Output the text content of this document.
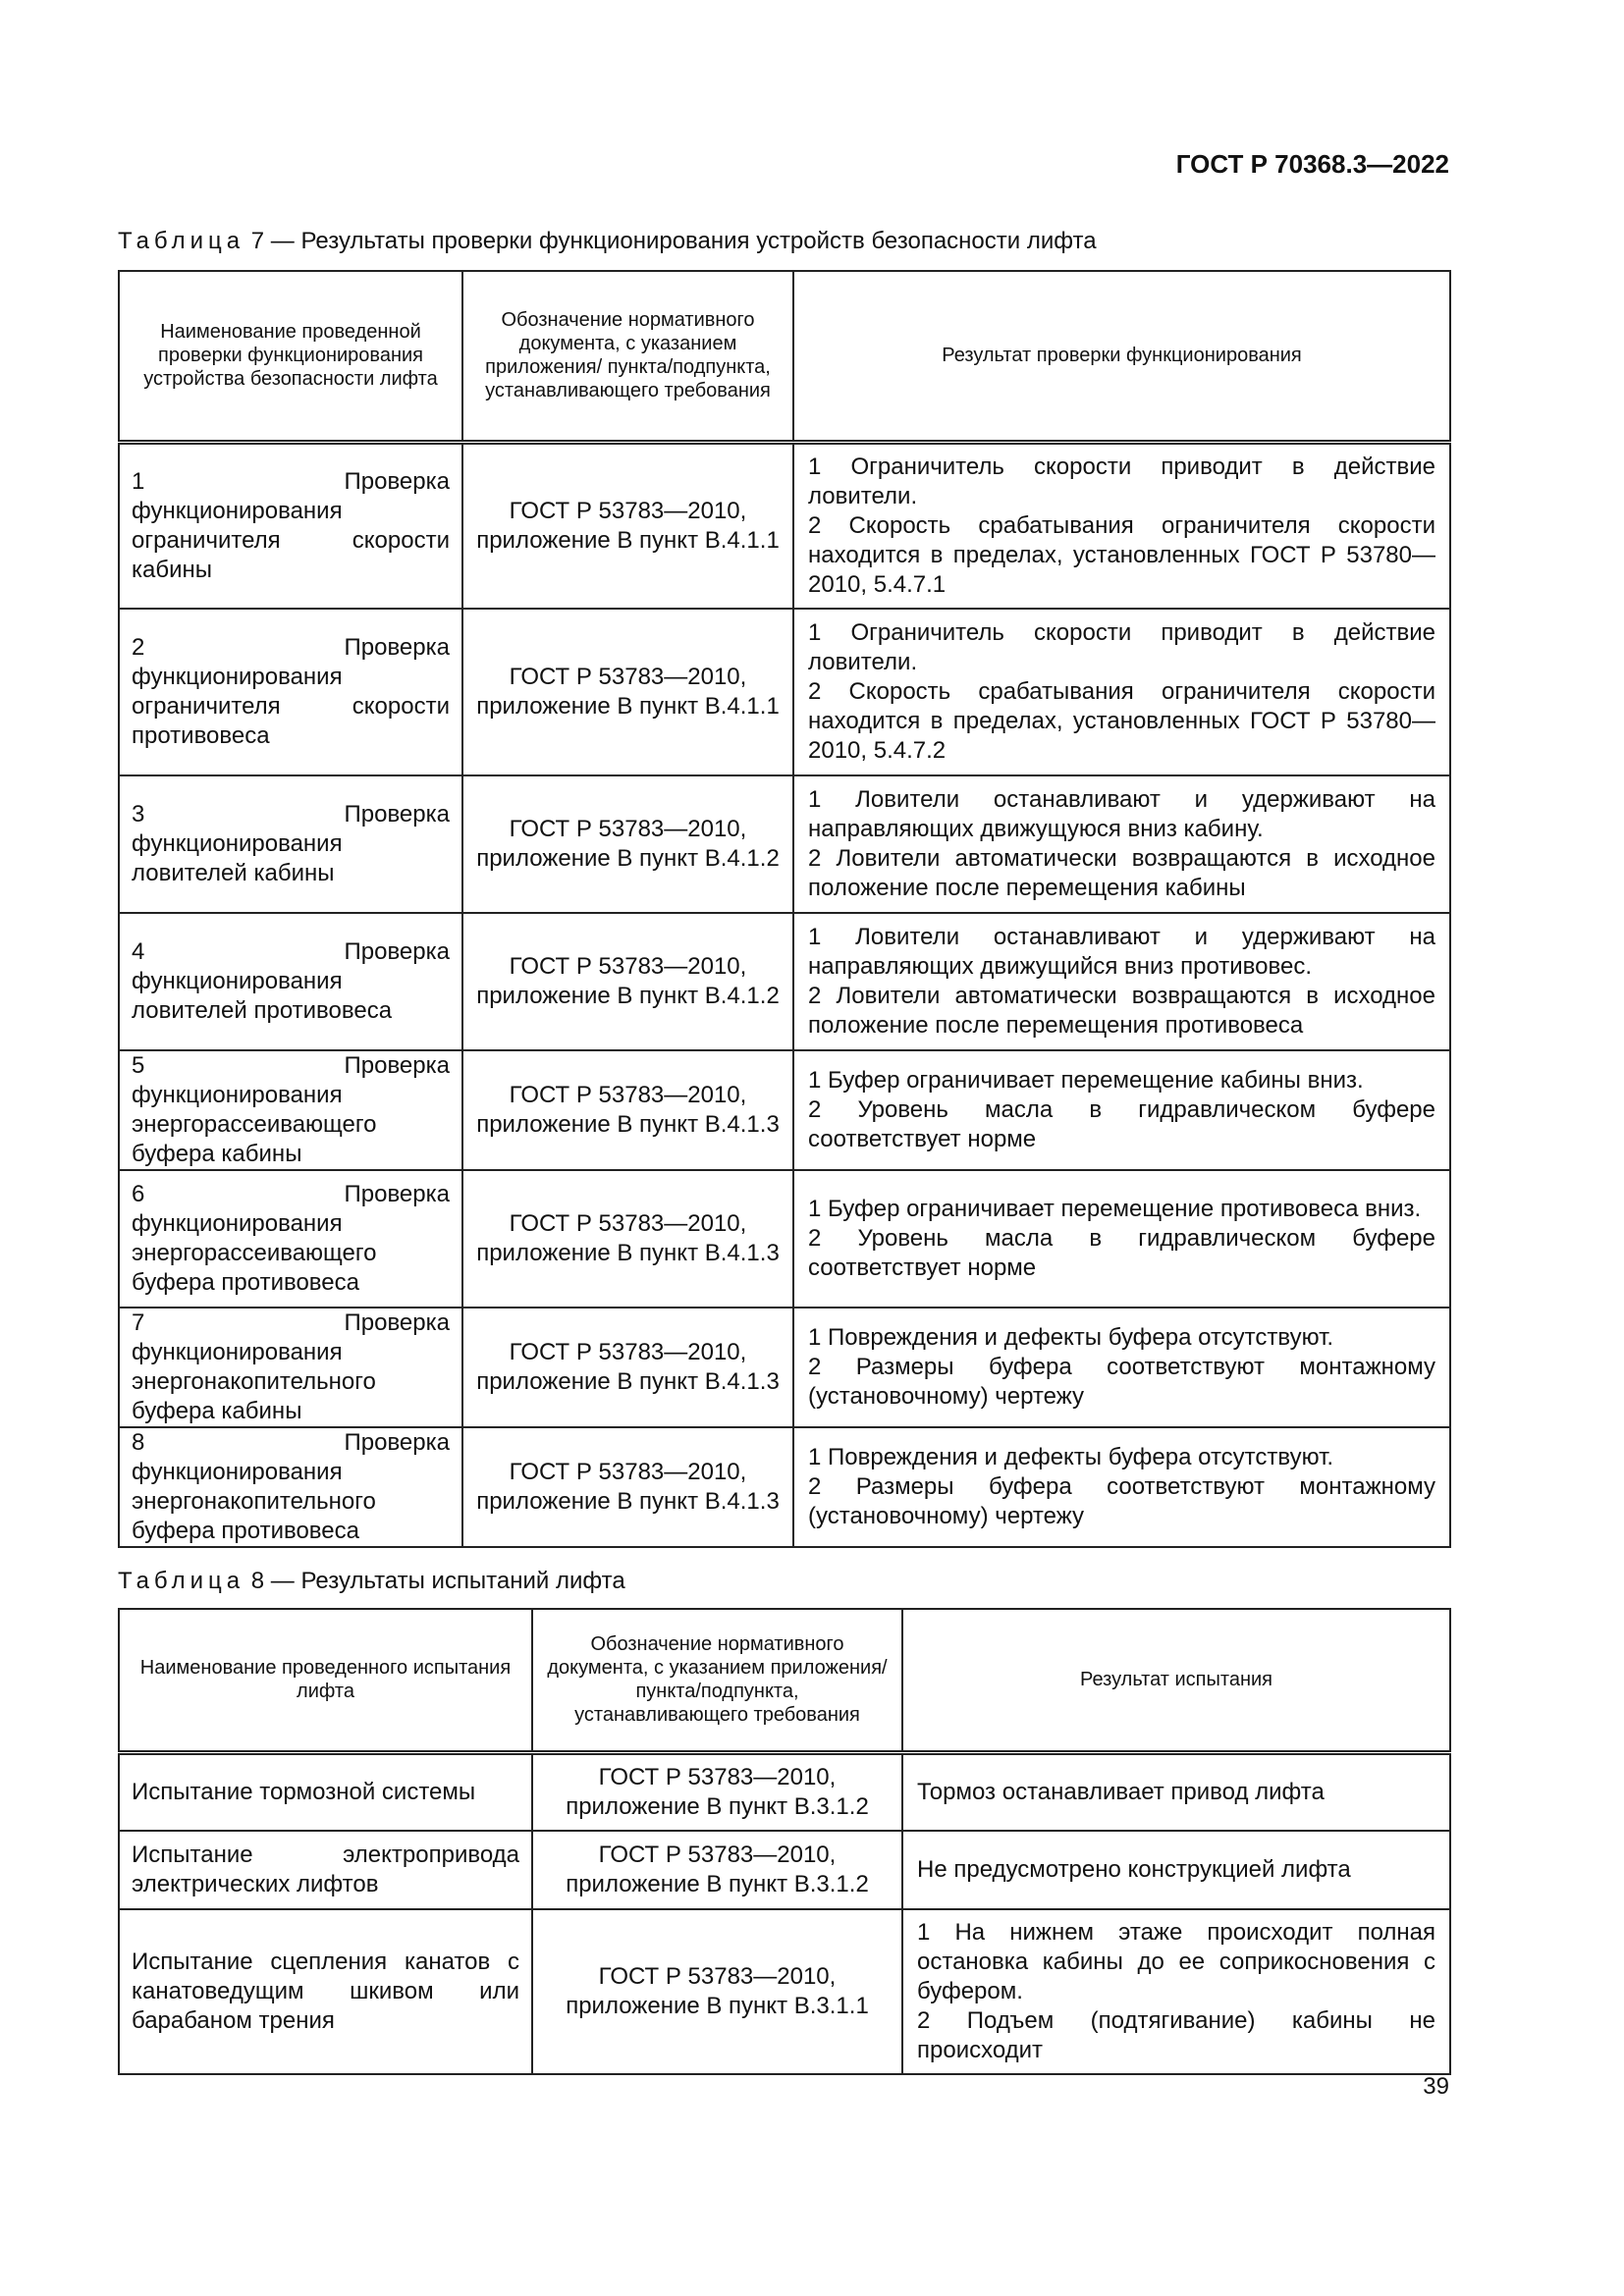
ГОСТ Р 70368.3—2022
Таблица 7 — Результаты проверки функционирования устройств безопасности лифта
Наименование проведенной проверки функционирования устройства безопасности лифта	Обозначение нормативного документа, с указанием приложения/ пункта/подпункта, устанавливающего требования	Результат проверки функционирования
1 Проверка функционирования ограничителя скорости кабины	ГОСТ Р 53783—2010, приложение В пункт В.4.1.1	1 Ограничитель скорости приводит в действие ловители.
2 Скорость срабатывания ограничителя скорости находится в пределах, установленных ГОСТ Р 53780—2010, 5.4.7.1

2 Проверка функционирования ограничителя скорости противовеса	ГОСТ Р 53783—2010, приложение В пункт В.4.1.1	1 Ограничитель скорости приводит в действие ловители.
2 Скорость срабатывания ограничителя скорости находится в пределах, установленных ГОСТ Р 53780—2010, 5.4.7.2

3 Проверка функционирования ловителей кабины	ГОСТ Р 53783—2010, приложение В пункт В.4.1.2	1 Ловители останавливают и удерживают на направляющих движущуюся вниз кабину.
2 Ловители автоматически возвращаются в исходное положение после перемещения кабины

4 Проверка функционирования ловителей противовеса	ГОСТ Р 53783—2010, приложение В пункт В.4.1.2	1 Ловители останавливают и удерживают на направляющих движущийся вниз противовес.
2 Ловители автоматически возвращаются в исходное положение после перемещения противовеса

5 Проверка функционирования энергорассеивающего буфера кабины	ГОСТ Р 53783—2010, приложение В пункт В.4.1.3	1 Буфер ограничивает перемещение кабины вниз.
2 Уровень масла в гидравлическом буфере соответствует норме

6 Проверка функционирования энергорассеивающего буфера противовеса	ГОСТ Р 53783—2010, приложение В пункт В.4.1.3	1 Буфер ограничивает перемещение противовеса вниз.
2 Уровень масла в гидравлическом буфере соответствует норме

7 Проверка функционирования энергонакопительного буфера кабины	ГОСТ Р 53783—2010, приложение В пункт В.4.1.3	1 Повреждения и дефекты буфера отсутствуют.
2 Размеры буфера соответствуют монтажному (установочному) чертежу

8 Проверка функционирования энергонакопительного буфера противовеса	ГОСТ Р 53783—2010, приложение В пункт В.4.1.3	1 Повреждения и дефекты буфера отсутствуют.
2 Размеры буфера соответствуют монтажному (установочному) чертежу
Таблица 8 — Результаты испытаний лифта
Наименование проведенного испытания лифта	Обозначение нормативного документа, с указанием приложения/ пункта/подпункта, устанавливающего требования	Результат испытания
Испытание тормозной системы	ГОСТ Р 53783—2010, приложение В пункт В.3.1.2	Тормоз останавливает привод лифта

Испытание электропривода электрических лифтов	ГОСТ Р 53783—2010, приложение В пункт В.3.1.2	Не предусмотрено конструкцией лифта

Испытание сцепления канатов с канатоведущим шкивом или барабаном трения	ГОСТ Р 53783—2010, приложение В пункт В.3.1.1	1 На нижнем этаже происходит полная остановка кабины до ее соприкосновения с буфером.
2 Подъем (подтягивание) кабины не происходит
39
